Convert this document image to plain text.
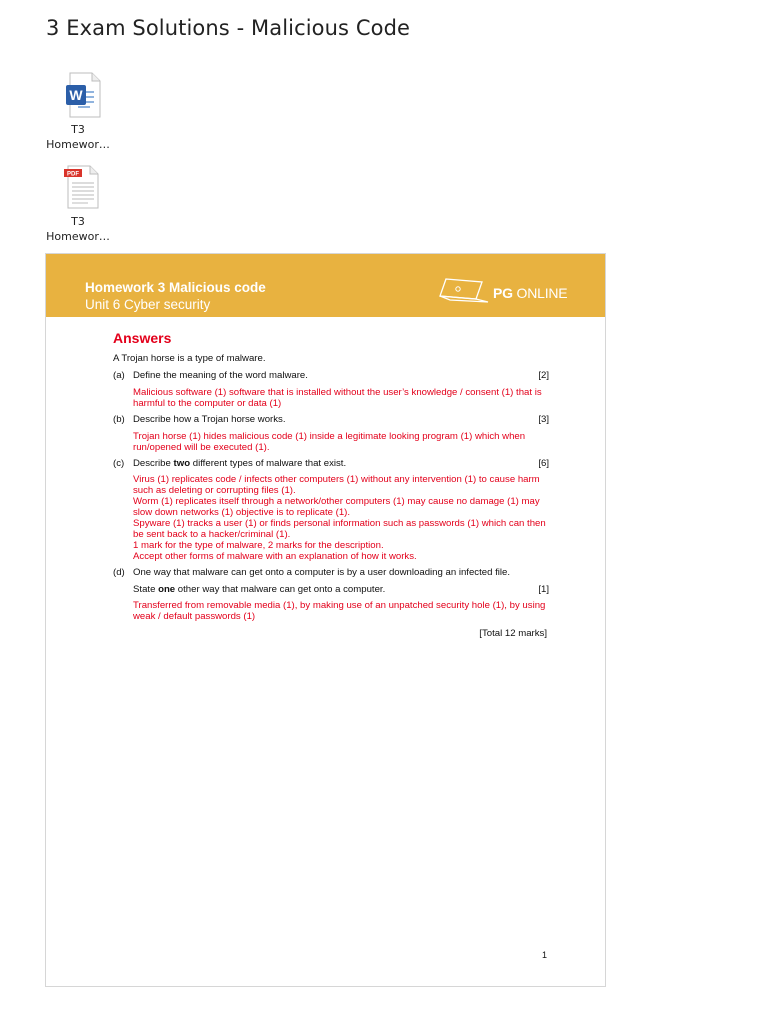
3 Exam Solutions - Malicious Code
W
T3
Homewor…
PDF
T3
Homewor…
Homework 3 Malicious code
Unit 6 Cyber security
PG ONLINE
Answers
A Trojan horse is a type of malware.
(a) Define the meaning of the word malware.	[2]

Malicious software (1) software that is installed without the user’s knowledge / consent (1) that is harmful to the computer or data (1)

(b) Describe how a Trojan horse works.	[3]

Trojan horse (1) hides malicious code (1) inside a legitimate looking program (1) which when run/opened will be executed (1).

(c) Describe two different types of malware that exist.	[6]

Virus (1) replicates code / infects other computers (1) without any intervention (1) to cause harm such as deleting or corrupting files (1).

Worm (1) replicates itself through a network/other computers (1) may cause no damage (1) may slow down networks (1) objective is to replicate (1).

Spyware (1) tracks a user (1) or finds personal information such as passwords (1) which can then be sent back to a hacker/criminal (1).

1 mark for the type of malware, 2 marks for the description.

Accept other forms of malware with an explanation of how it works.

(d) One way that malware can get onto a computer is by a user downloading an infected file.
State one other way that malware can get onto a computer.	[1]

Transferred from removable media (1), by making use of an unpatched security hole (1), by using weak / default passwords (1)

[Total 12 marks]
1
